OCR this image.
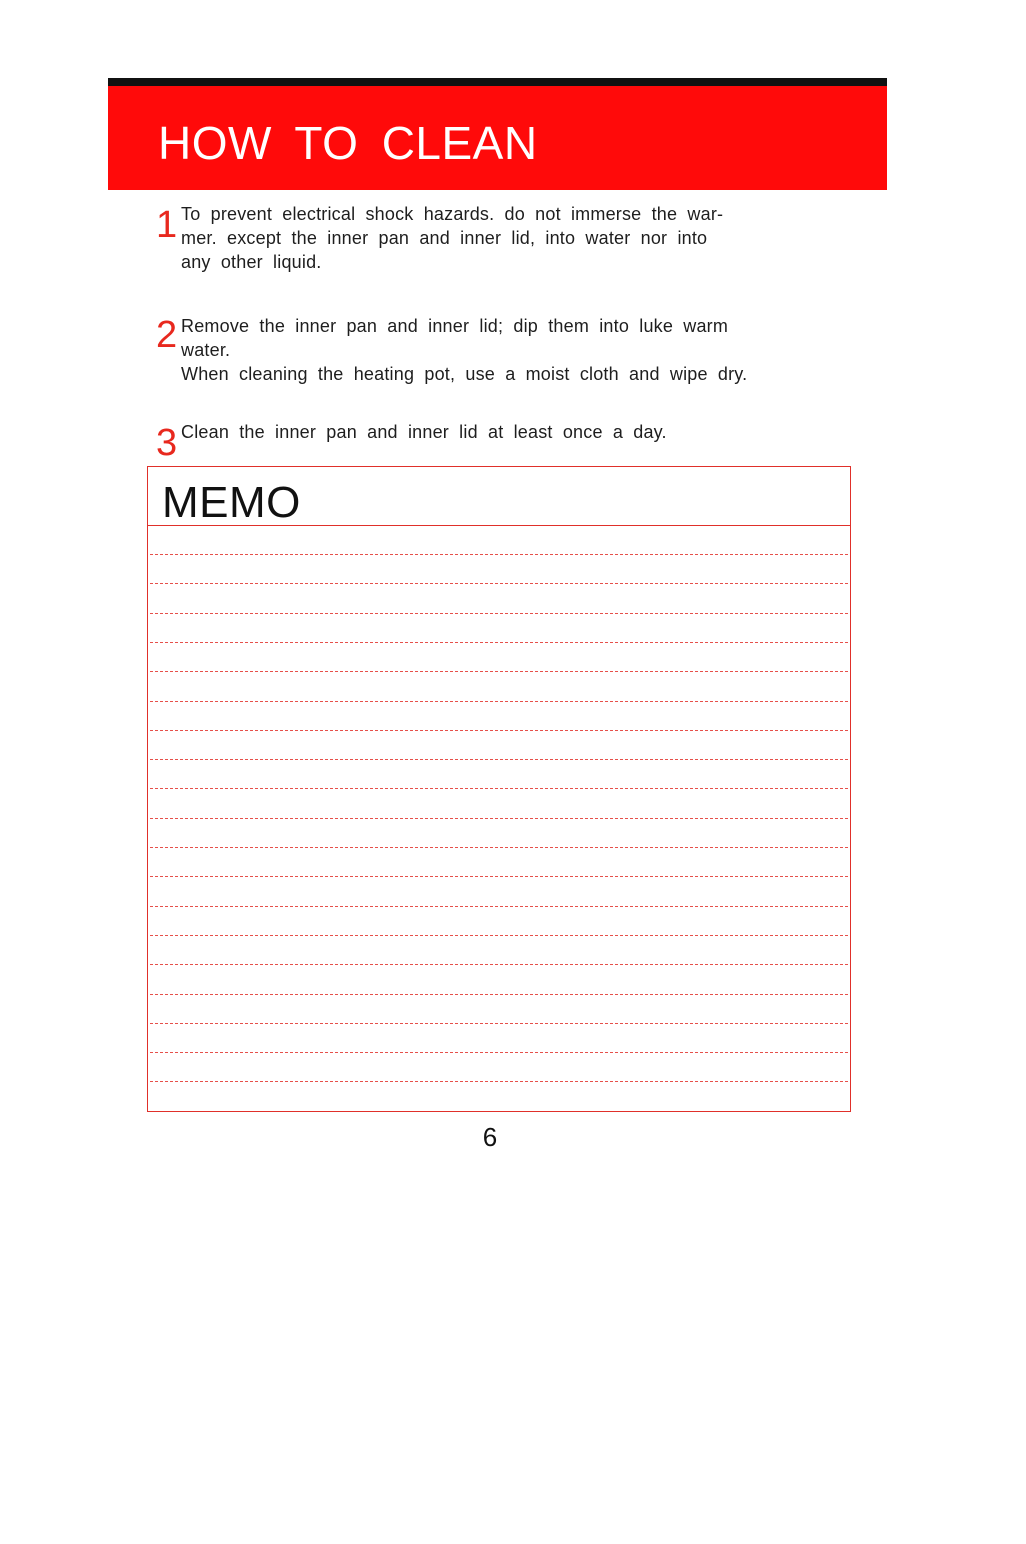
HOW TO CLEAN
1 To prevent electrical shock hazards. do not immerse the war-
mer. except the inner pan and inner lid, into water nor into
any other liquid.
2 Remove the inner pan and inner lid; dip them into luke warm
water.
When cleaning the heating pot, use a moist cloth and wipe dry.
3 Clean the inner pan and inner lid at least once a day.
MEMO
6
